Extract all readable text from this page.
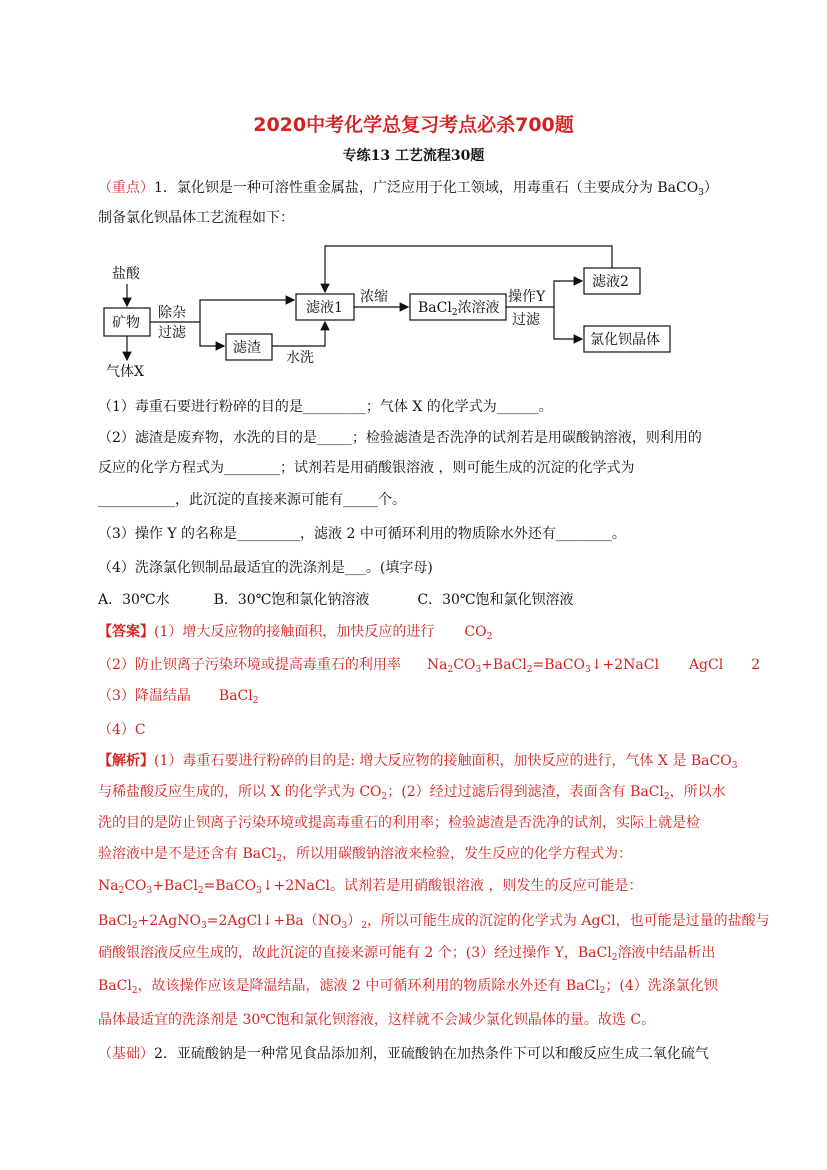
2020中考化学总复习考点必杀700题
专练13 工艺流程30题
（重点）1．氯化钡是一种可溶性重金属盐，广泛应用于化工领域，用毒重石（主要成分为 BaCO$_3$）
制备氯化钡晶体工艺流程如下：
盐酸
矿物
气体X
除杂
过滤
滤液1
滤渣
水洗
浓缩
BaCl$_2$浓溶液
操作Y
过滤
滤液2
氯化钡晶体
（1）毒重石要进行粉碎的目的是_________；气体 X 的化学式为______。
（2）滤渣是废弃物，水洗的目的是_____；检验滤渣是否洗净的试剂若是用碳酸钠溶液，则利用的
反应的化学方程式为________；试剂若是用硝酸银溶液 ，则可能生成的沉淀的化学式为
___________，此沉淀的直接来源可能有_____个。
（3）操作 Y 的名称是_________，滤液 2 中可循环利用的物质除水外还有________。
（4）洗涤氯化钡制品最适宜的洗涤剂是___。(填字母)
A．30℃水	B．30℃饱和氯化钠溶液	C．30℃饱和氯化钡溶液
【答案】(1）增大反应物的接触面积，加快反应的进行 $CO_2$
（2）防止钡离子污染环境或提高毒重石的利用率 $Na_2CO_3+BaCl_2=BaCO_3↓+2NaCl$ AgCl 2
（3）降温结晶 BaCl$_2$
（4）C
【解析】(1）毒重石要进行粉碎的目的是: 增大反应物的接触面积，加快反应的进行，气体 X 是 BaCO$_3$
与稀盐酸反应生成的，所以 X 的化学式为 $CO_2$；(2）经过过滤后得到滤渣，表面含有 BaCl$_2$，所以水
洗的目的是防止钡离子污染环境或提高毒重石的利用率；检验滤渣是否洗净的试剂，实际上就是检
验溶液中是不是还含有 BaCl$_2$，所以用碳酸钠溶液来检验，发生反应的化学方程式为：
$Na_2CO_3+BaCl_2=BaCO_3↓+2NaCl$。试剂若是用硝酸银溶液 ，则发生的反应可能是：
$BaCl_2+2AgNO_3=2AgCl↓+Ba(NO_3)_2$，所以可能生成的沉淀的化学式为 AgCl，也可能是过量的盐酸与
硝酸银溶液反应生成的，故此沉淀的直接来源可能有 2 个；(3）经过操作 Y，BaCl$_2$溶液中结晶析出
BaCl$_2$，故该操作应该是降温结晶，滤液 2 中可循环利用的物质除水外还有 BaCl$_2$；(4）洗涤氯化钡
晶体最适宜的洗涤剂是 30℃饱和氯化钡溶液，这样就不会减少氯化钡晶体的量。故选 C。
（基础）2．亚硫酸钠是一种常见食品添加剂，亚硫酸钠在加热条件下可以和酸反应生成二氧化硫气
